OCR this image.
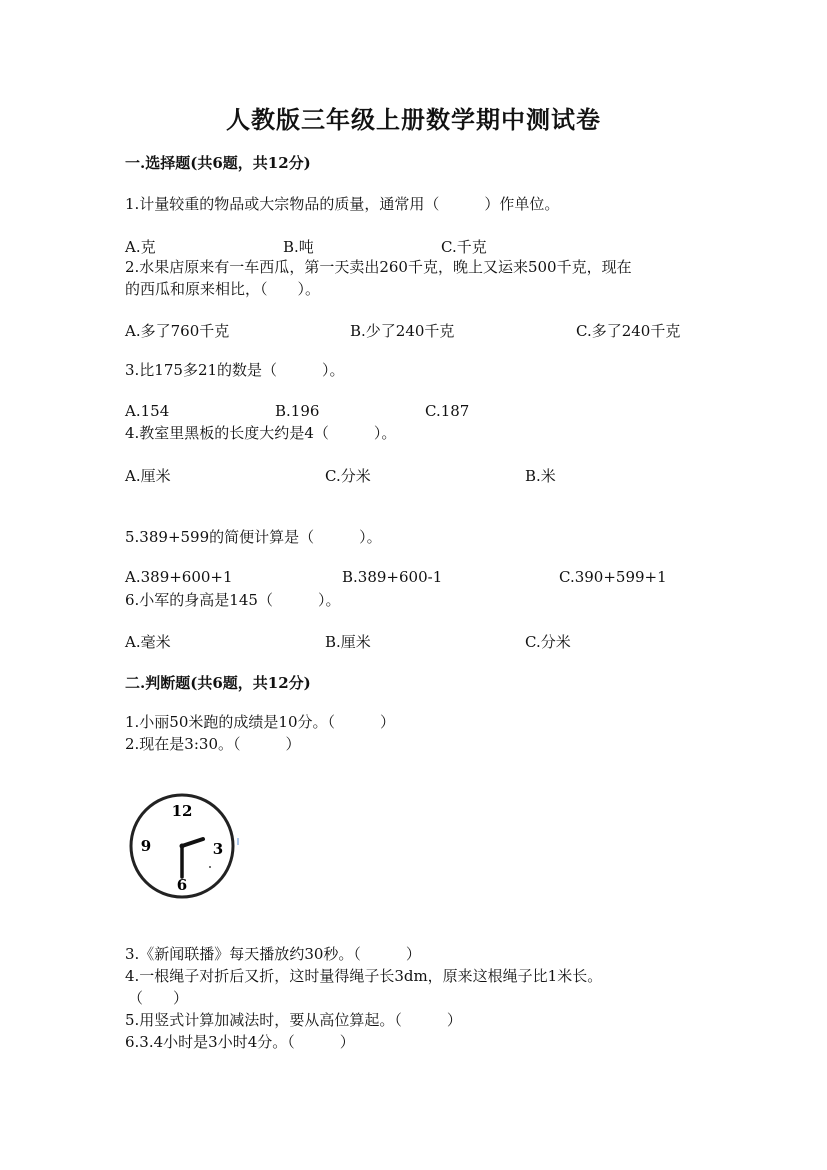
人教版三年级上册数学期中测试卷
一.选择题(共6题，共12分)
1.计量较重的物品或大宗物品的质量，通常用（　　　）作单位。
A.克	B.吨	C.千克
2.水果店原来有一车西瓜，第一天卖出260千克，晚上又运来500千克，现在
的西瓜和原来相比，（　　）。
A.多了760千克	B.少了240千克	C.多了240千克
3.比175多21的数是（　　　）。
A.154	B.196	C.187
4.教室里黑板的长度大约是4（　　　）。
A.厘米	C.分米	B.米
5.389+599的简便计算是（　　　）。
A.389+600+1	B.389+600-1	C.390+599+1
6.小军的身高是145（　　　）。
A.毫米	B.厘米	C.分米
二.判断题(共6题，共12分)
1.小丽50米跑的成绩是10分。（　　　）
2.现在是3:30。（　　　）
12
3
6
9
3.《新闻联播》每天播放约30秒。（　　　）
4.一根绳子对折后又折，这时量得绳子长3dm，原来这根绳子比1米长。
（　　）
5.用竖式计算加减法时，要从高位算起。（　　　）
6.3.4小时是3小时4分。（　　　）
